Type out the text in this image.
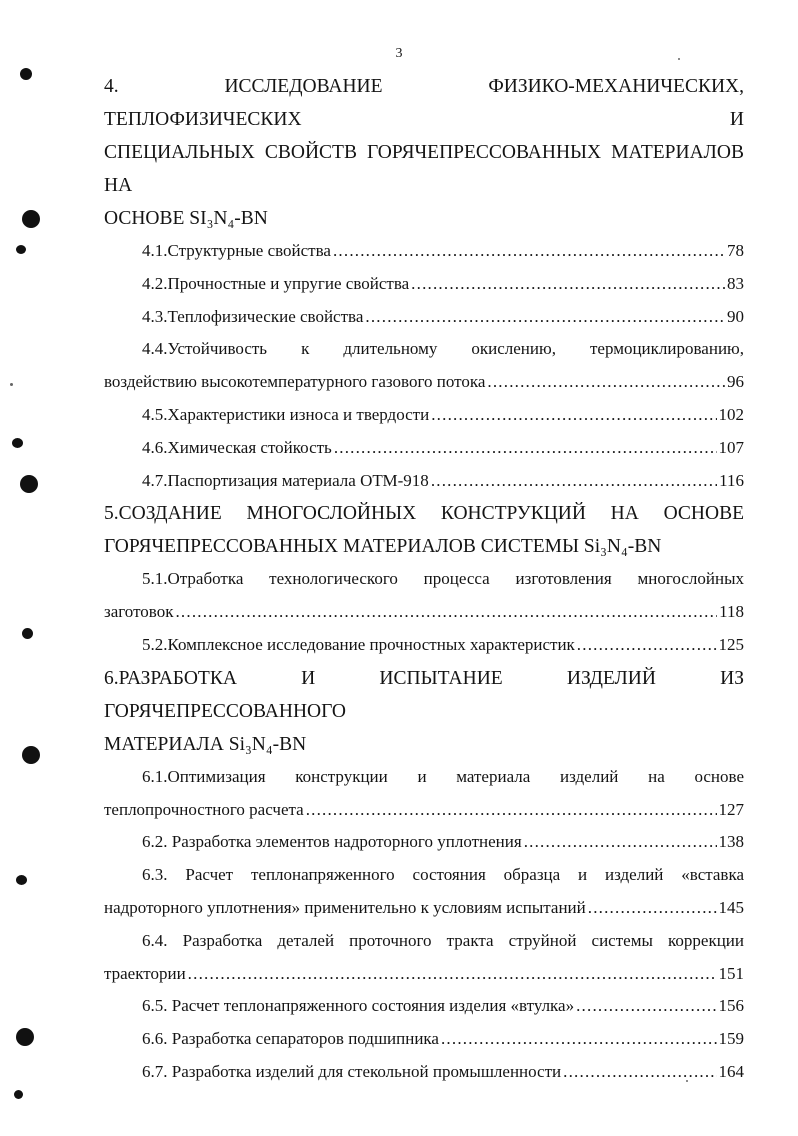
3
4. ИССЛЕДОВАНИЕ ФИЗИКО-МЕХАНИЧЕСКИХ, ТЕПЛОФИЗИЧЕСКИХ И
СПЕЦИАЛЬНЫХ СВОЙСТВ ГОРЯЧЕПРЕССОВАННЫХ МАТЕРИАЛОВ НА
ОСНОВЕ SI₃N₄-BN
4.1.Структурные свойства .....	78
4.2.Прочностные и упругие свойства .....	83
4.3.Теплофизические свойства .....	90
4.4.Устойчивость к длительному окислению, термоциклированию,
воздействию высокотемпературного газового потока .....	96
4.5.Характеристики износа и твердости .....	102
4.6.Химическая стойкость .....	107
4.7.Паспортизация материала ОТМ-918 .....	116
5.СОЗДАНИЕ МНОГОСЛОЙНЫХ КОНСТРУКЦИЙ НА ОСНОВЕ
ГОРЯЧЕПРЕССОВАННЫХ МАТЕРИАЛОВ СИСТЕМЫ Si₃N₄-BN
5.1.Отработка технологического процесса изготовления многослойных
заготовок .....	118
5.2.Комплексное исследование прочностных характеристик .....	125
6.РАЗРАБОТКА И ИСПЫТАНИЕ ИЗДЕЛИЙ ИЗ ГОРЯЧЕПРЕССОВАННОГО
МАТЕРИАЛА Si₃N₄-BN
6.1.Оптимизация конструкции и материала изделий на основе
теплопрочностного расчета .....	127
6.2. Разработка элементов надроторного уплотнения .....	138
6.3. Расчет теплонапряженного состояния образца и изделий «вставка
надроторного уплотнения» применительно к условиям испытаний .....	145
6.4. Разработка деталей проточного тракта струйной системы коррекции
траектории .....	151
6.5. Расчет теплонапряженного состояния изделия «втулка» .....	156
6.6. Разработка сепараторов подшипника .....	159
6.7. Разработка изделий для стекольной промышленности .....	164
